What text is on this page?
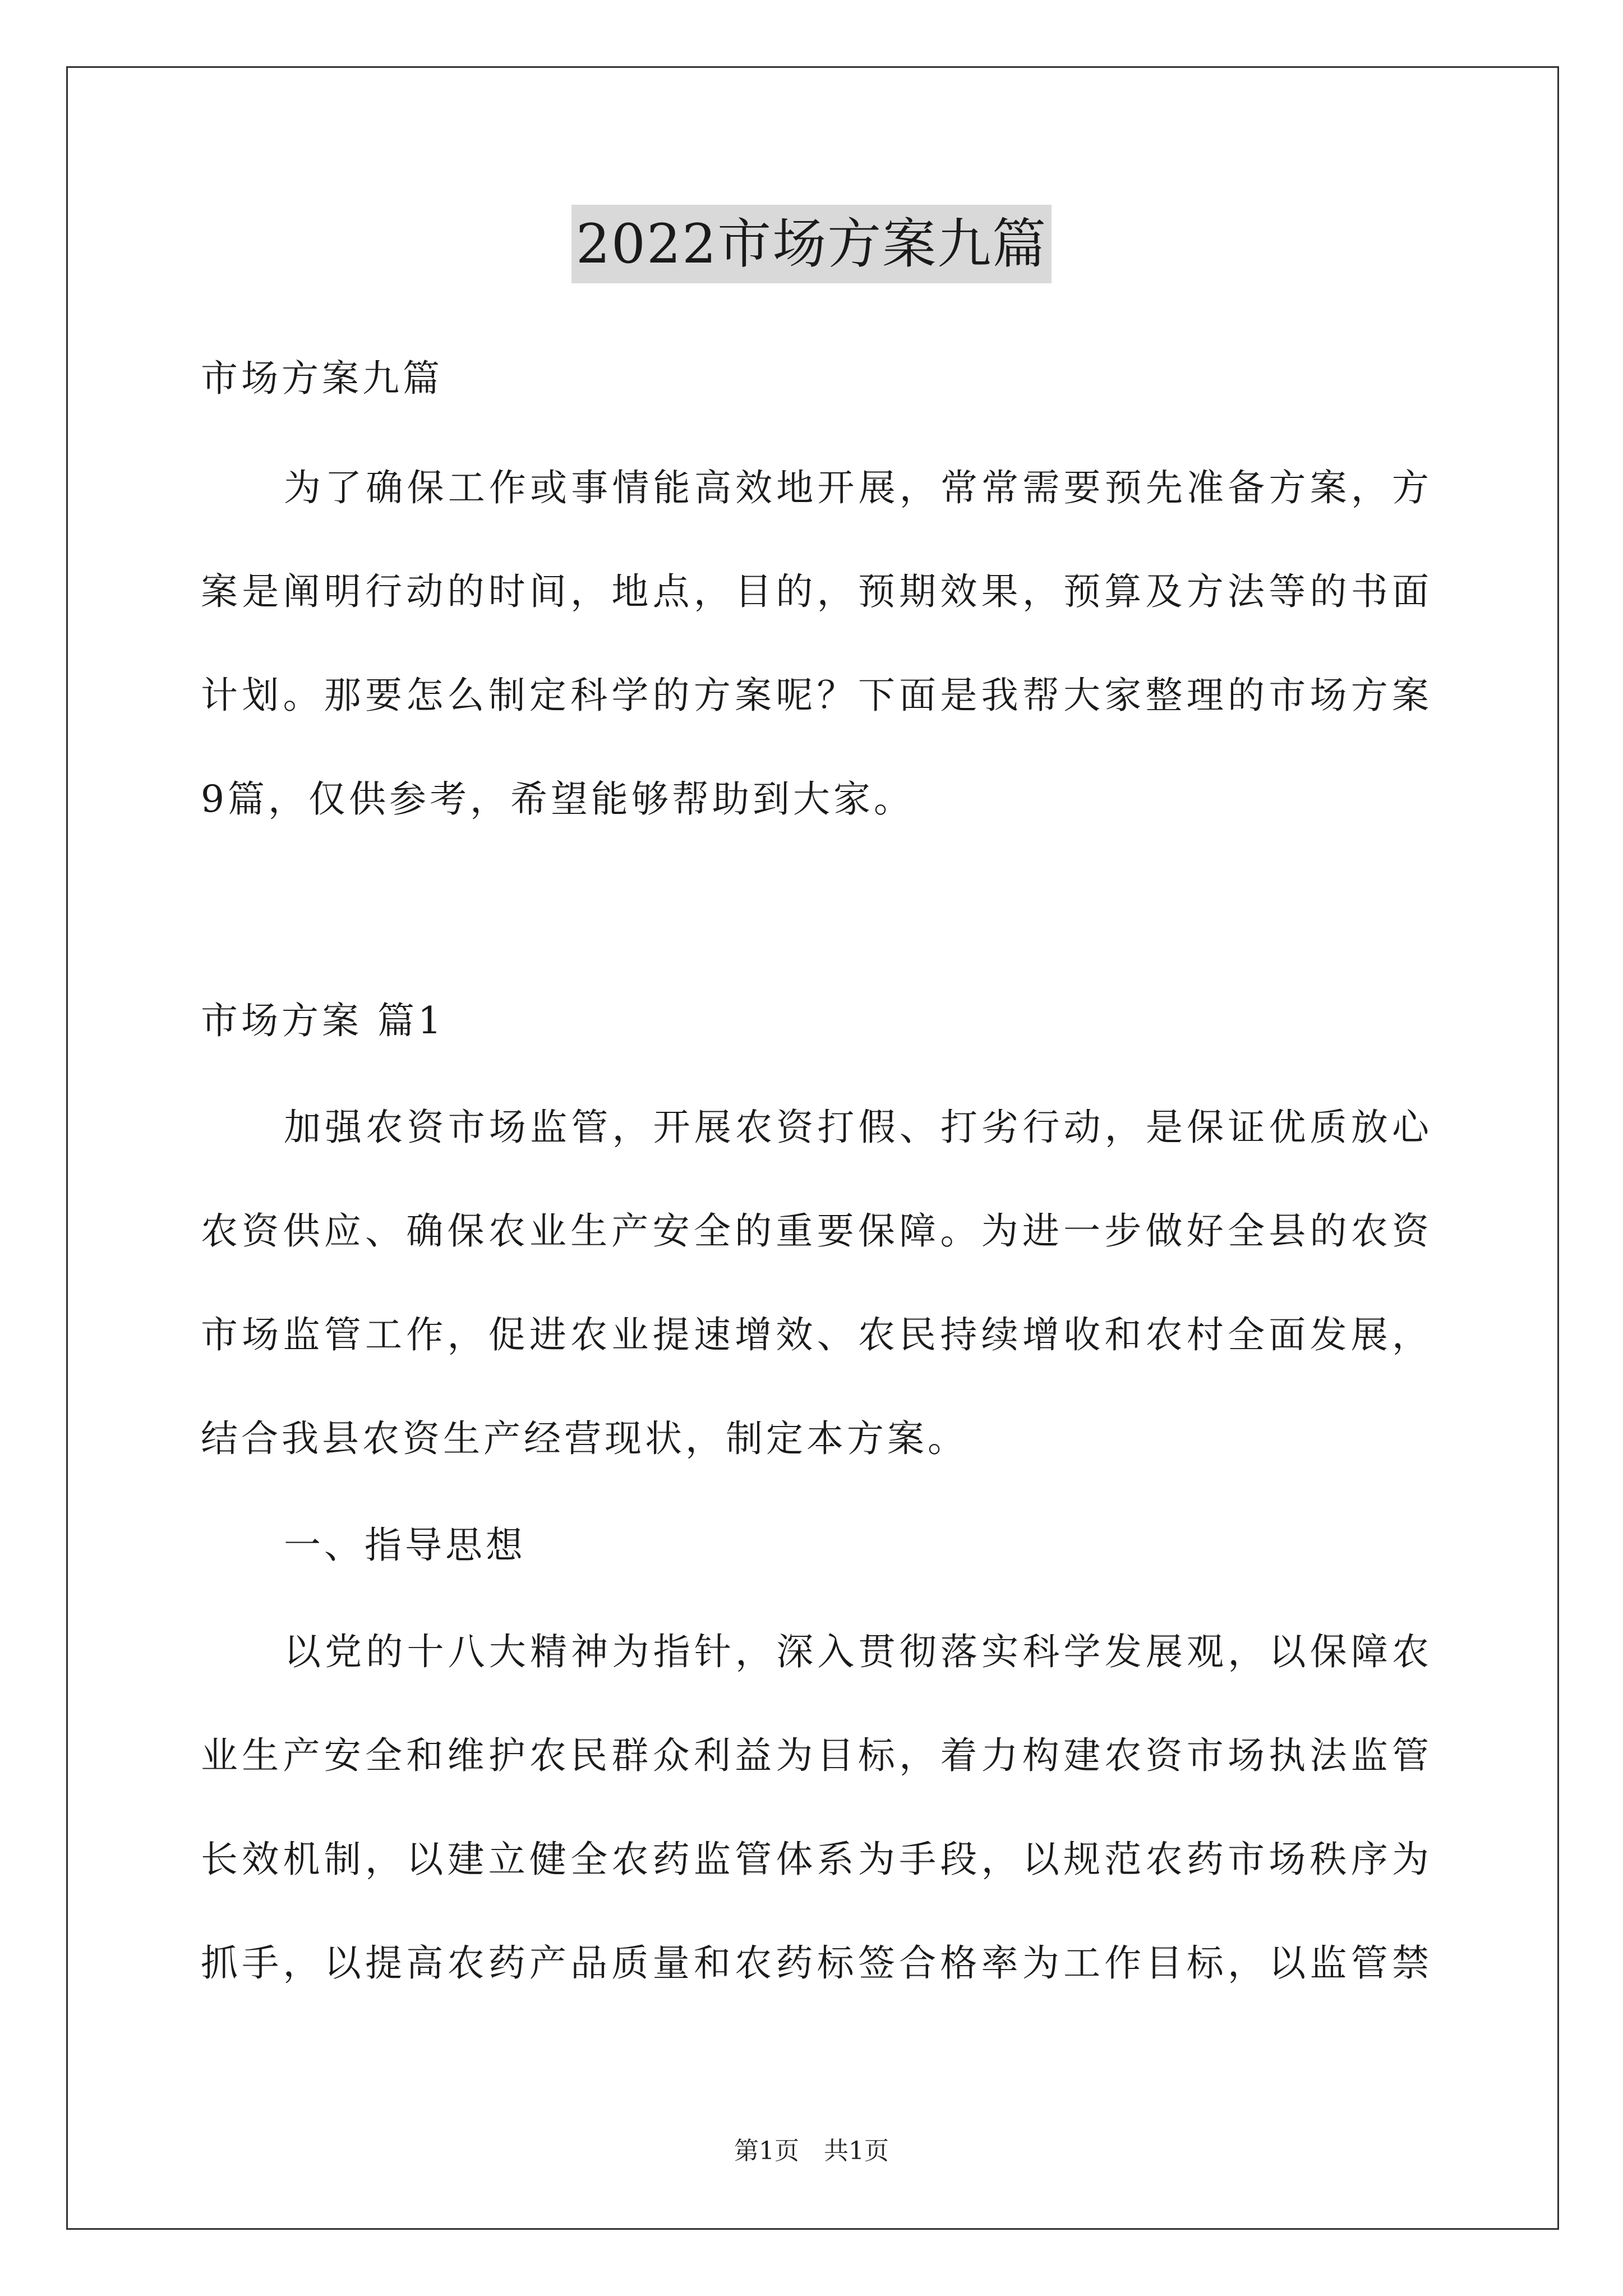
2022市场方案九篇
市场方案九篇
为了确保工作或事情能高效地开展，常常需要预先准备方案，方
案是阐明行动的时间，地点，目的，预期效果，预算及方法等的书面
计划。那要怎么制定科学的方案呢？下面是我帮大家整理的市场方案
9篇，仅供参考，希望能够帮助到大家。
市场方案 篇1
加强农资市场监管，开展农资打假、打劣行动，是保证优质放心
农资供应、确保农业生产安全的重要保障。为进一步做好全县的农资
市场监管工作，促进农业提速增效、农民持续增收和农村全面发展，
结合我县农资生产经营现状，制定本方案。
一、指导思想
以党的十八大精神为指针，深入贯彻落实科学发展观，以保障农
业生产安全和维护农民群众利益为目标，着力构建农资市场执法监管
长效机制，以建立健全农药监管体系为手段，以规范农药市场秩序为
抓手，以提高农药产品质量和农药标签合格率为工作目标，以监管禁
第1页 共1页
